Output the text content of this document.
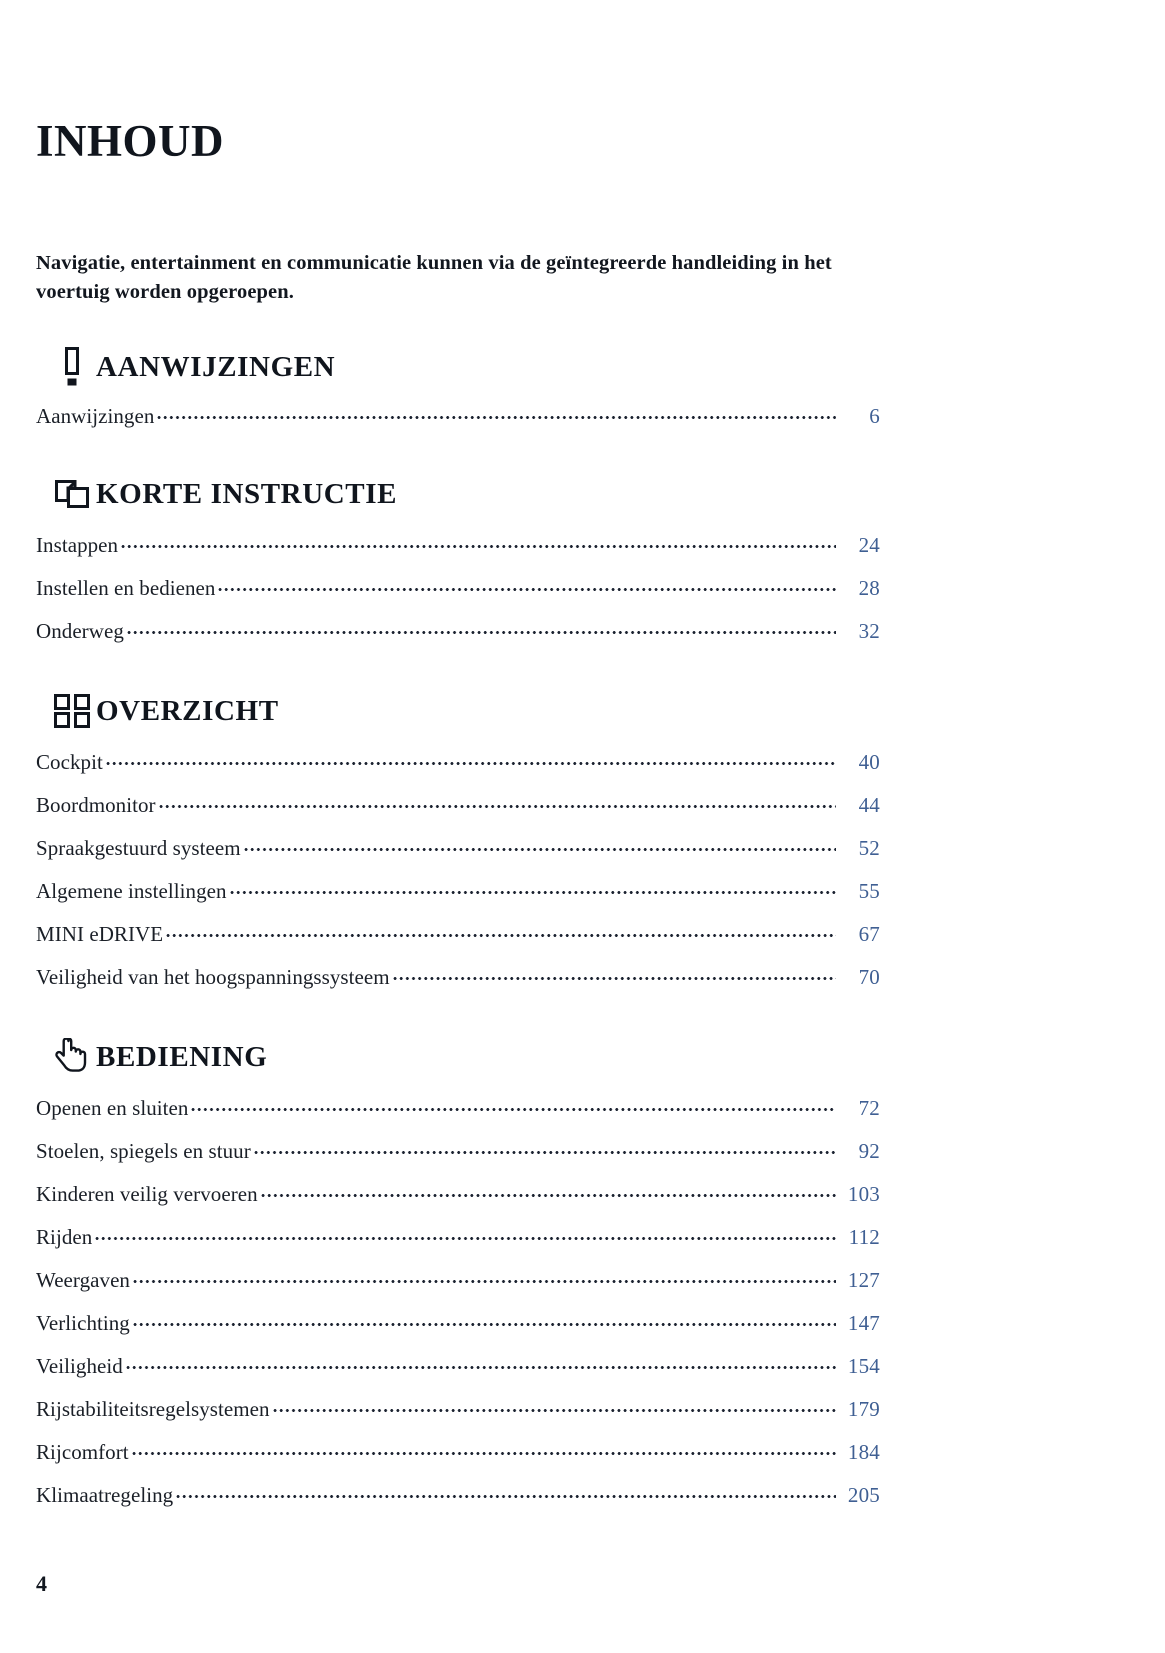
INHOUD

Navigatie, entertainment en communicatie kunnen via de geïntegreerde handleiding in het voertuig worden opgeroepen.

AANWIJZINGEN
Aanwijzingen	6
KORTE INSTRUCTIE
Instappen	24
Instellen en bedienen	28
Onderweg	32
OVERZICHT
Cockpit	40
Boordmonitor	44
Spraakgestuurd systeem	52
Algemene instellingen	55
MINI eDRIVE	67
Veiligheid van het hoogspanningssysteem	70
BEDIENING
Openen en sluiten	72
Stoelen, spiegels en stuur	92
Kinderen veilig vervoeren	103
Rijden	112
Weergaven	127
Verlichting	147
Veiligheid	154
Rijstabiliteitsregelsystemen	179
Rijcomfort	184
Klimaatregeling	205
4
